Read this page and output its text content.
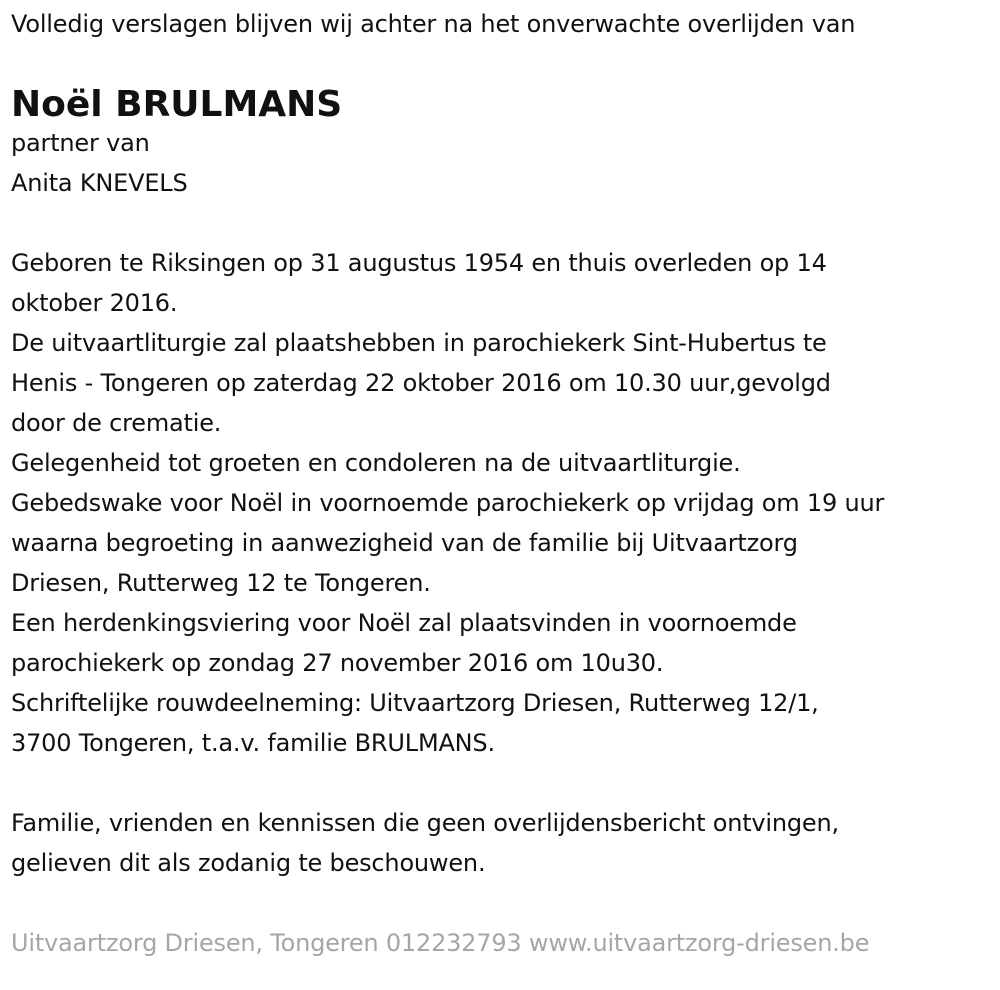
Volledig verslagen blijven wij achter na het onverwachte overlijden van
Noël BRULMANS
partner van
Anita KNEVELS
Geboren te Riksingen op 31 augustus 1954 en thuis overleden op 14
oktober 2016.
De uitvaartliturgie zal plaatshebben in parochiekerk Sint-Hubertus te
Henis - Tongeren op zaterdag 22 oktober 2016 om 10.30 uur,gevolgd
door de crematie.
Gelegenheid tot groeten en condoleren na de uitvaartliturgie.
Gebedswake voor Noël in voornoemde parochiekerk op vrijdag om 19 uur
waarna begroeting in aanwezigheid van de familie bij Uitvaartzorg
Driesen, Rutterweg 12 te Tongeren.
Een herdenkingsviering voor Noël zal plaatsvinden in voornoemde
parochiekerk op zondag 27 november 2016 om 10u30.
Schriftelijke rouwdeelneming: Uitvaartzorg Driesen, Rutterweg 12/1,
3700 Tongeren, t.a.v. familie BRULMANS.
Familie, vrienden en kennissen die geen overlijdensbericht ontvingen,
gelieven dit als zodanig te beschouwen.
Uitvaartzorg Driesen, Tongeren 012232793 www.uitvaartzorg-driesen.be
